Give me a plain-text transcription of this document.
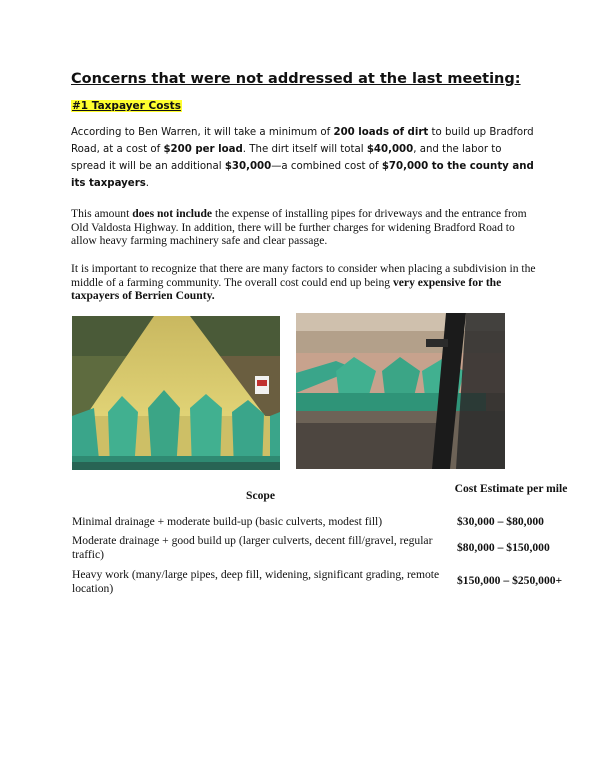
Concerns that were not addressed at the last meeting:
#1 Taxpayer Costs
According to Ben Warren, it will take a minimum of 200 loads of dirt to build up Bradford Road, at a cost of $200 per load. The dirt itself will total $40,000, and the labor to spread it will be an additional $30,000—a combined cost of $70,000 to the county and its taxpayers.
This amount does not include the expense of installing pipes for driveways and the entrance from Old Valdosta Highway. In addition, there will be further charges for widening Bradford Road to allow heavy farming machinery safe and clear passage.
It is important to recognize that there are many factors to consider when placing a subdivision in the middle of a farming community. The overall cost could end up being very expensive for the taxpayers of Berrien County.
Scope
Cost Estimate per mile
Minimal drainage + moderate build-up (basic culverts, modest fill)	$30,000 – $80,000
Moderate drainage + good build up (larger culverts, decent fill/gravel, regular traffic)	$80,000 – $150,000
Heavy work (many/large pipes, deep fill, widening, significant grading, remote location)
$150,000 – $250,000+
